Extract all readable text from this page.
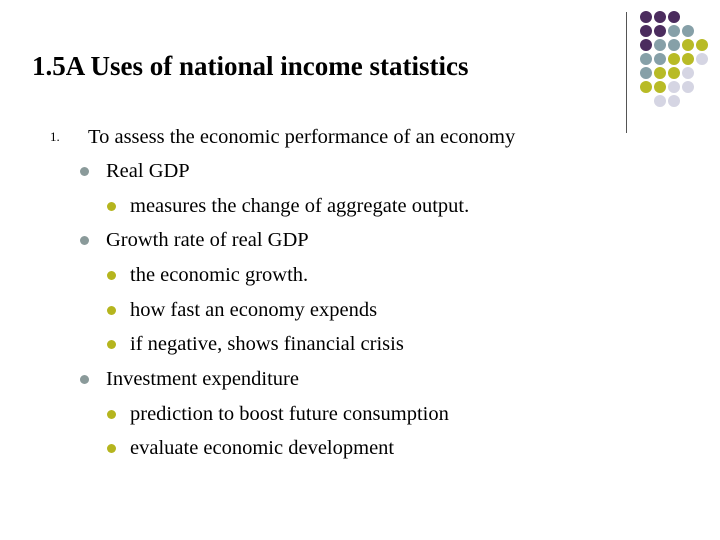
1.5A Uses of national income statistics
1. To assess the economic performance of an economy
Real GDP
measures the change of aggregate output.
Growth rate of real GDP
the economic growth.
how fast an economy expends
if negative, shows financial crisis
Investment expenditure
prediction to boost future consumption
evaluate economic development
